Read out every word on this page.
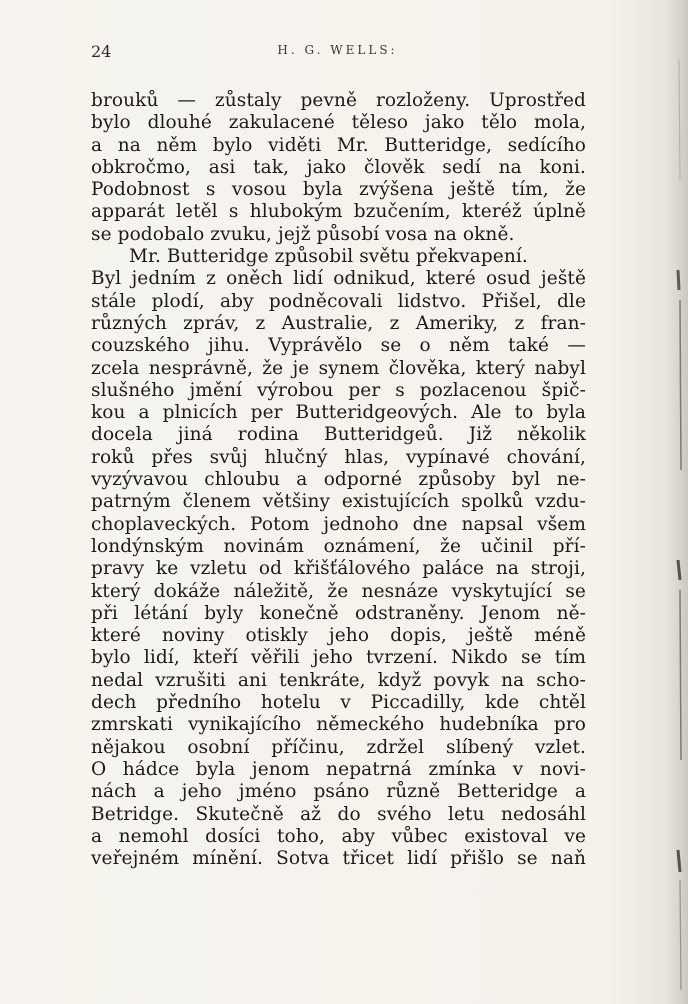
24	H. G. WELLS:
brouků — zůstaly pevně rozloženy. Uprostřed
bylo dlouhé zakulacené těleso jako tělo mola,
a na něm bylo viděti Mr. Butteridge, sedícího
obkročmo, asi tak, jako člověk sedí na koni.
Podobnost s vosou byla zvýšena ještě tím, že
apparát letěl s hlubokým bzučením, kteréž úplně
se podobalo zvuku, jejž působí vosa na okně.
Mr. Butteridge způsobil světu překvapení.
Byl jedním z oněch lidí odnikud, které osud ještě
stále plodí, aby podněcovali lidstvo. Přišel, dle
různých zpráv, z Australie, z Ameriky, z fran-
couzského jihu. Vyprávělo se o něm také —
zcela nesprávně, že je synem člověka, který nabyl
slušného jmění výrobou per s pozlacenou špič-
kou a plnicích per Butteridgeových. Ale to byla
docela jiná rodina Butteridgeů. Již několik
roků přes svůj hlučný hlas, vypínavé chování,
vyzývavou chloubu a odporné způsoby byl ne-
patrným členem většiny existujících spolků vzdu-
choplaveckých. Potom jednoho dne napsal všem
londýnským novinám oznámení, že učinil pří-
pravy ke vzletu od křišťálového paláce na stroji,
který dokáže náležitě, že nesnáze vyskytující se
při létání byly konečně odstraněny. Jenom ně-
které noviny otiskly jeho dopis, ještě méně
bylo lidí, kteří věřili jeho tvrzení. Nikdo se tím
nedal vzrušiti ani tenkráte, když povyk na scho-
dech předního hotelu v Piccadilly, kde chtěl
zmrskati vynikajícího německého hudebníka pro
nějakou osobní příčinu, zdržel slíbený vzlet.
O hádce byla jenom nepatrná zmínka v novi-
nách a jeho jméno psáno různě Betteridge a
Betridge. Skutečně až do svého letu nedosáhl
a nemohl dosíci toho, aby vůbec existoval ve
veřejném mínění. Sotva třicet lidí přišlo se naň
